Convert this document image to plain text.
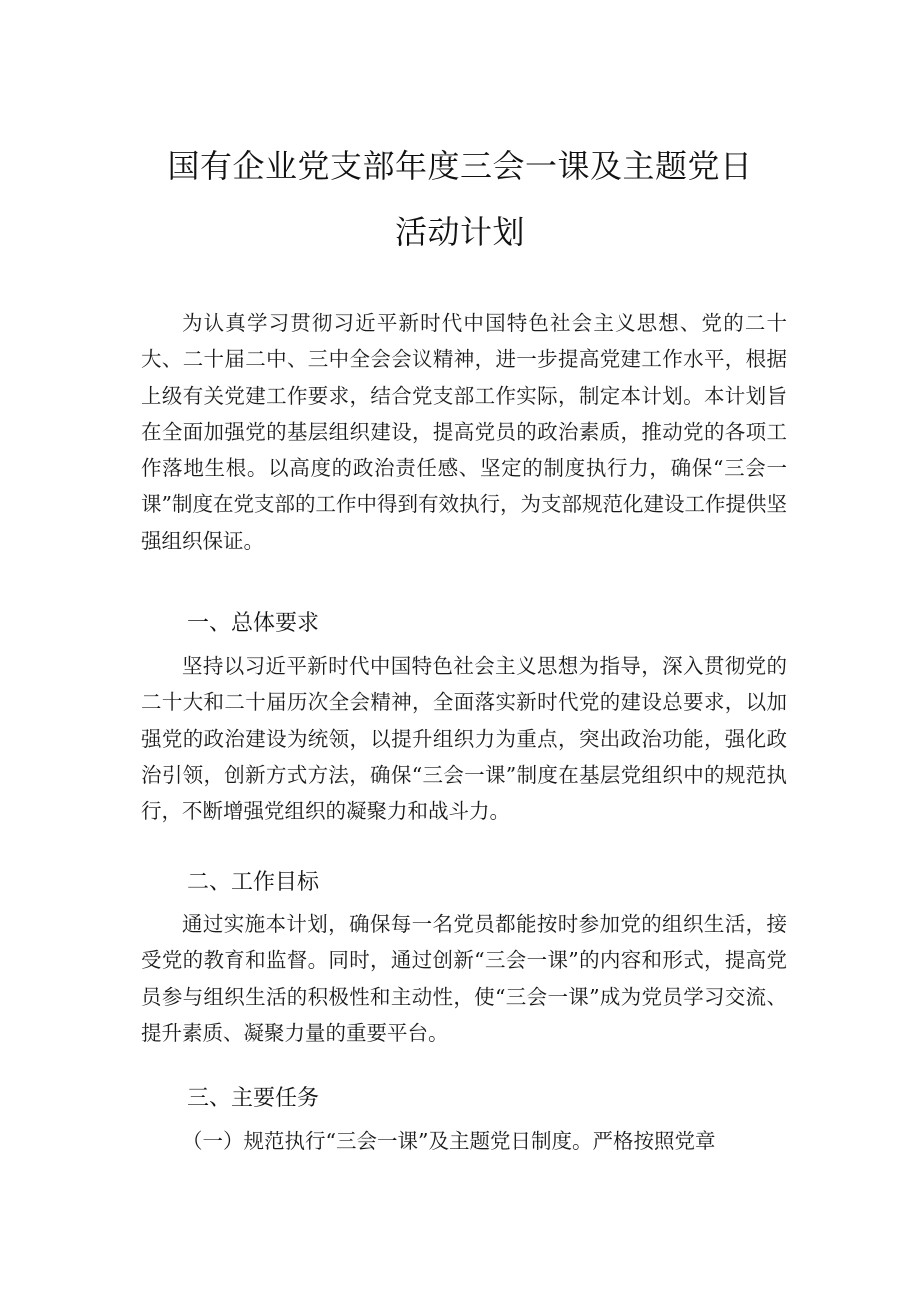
国有企业党支部年度三会一课及主题党日
活动计划

为认真学习贯彻习近平新时代中国特色社会主义思想、党的二十大、二十届二中、三中全会会议精神，进一步提高党建工作水平，根据上级有关党建工作要求，结合党支部工作实际，制定本计划。本计划旨在全面加强党的基层组织建设，提高党员的政治素质，推动党的各项工作落地生根。以高度的政治责任感、坚定的制度执行力，确保“三会一课”制度在党支部的工作中得到有效执行，为支部规范化建设工作提供坚强组织保证。

一、总体要求

坚持以习近平新时代中国特色社会主义思想为指导，深入贯彻党的二十大和二十届历次全会精神，全面落实新时代党的建设总要求，以加强党的政治建设为统领，以提升组织力为重点，突出政治功能，强化政治引领，创新方式方法，确保“三会一课”制度在基层党组织中的规范执行，不断增强党组织的凝聚力和战斗力。

二、工作目标

通过实施本计划，确保每一名党员都能按时参加党的组织生活，接受党的教育和监督。同时，通过创新“三会一课”的内容和形式，提高党员参与组织生活的积极性和主动性，使“三会一课”成为党员学习交流、提升素质、凝聚力量的重要平台。

三、主要任务

（一）规范执行“三会一课”及主题党日制度。严格按照党章
